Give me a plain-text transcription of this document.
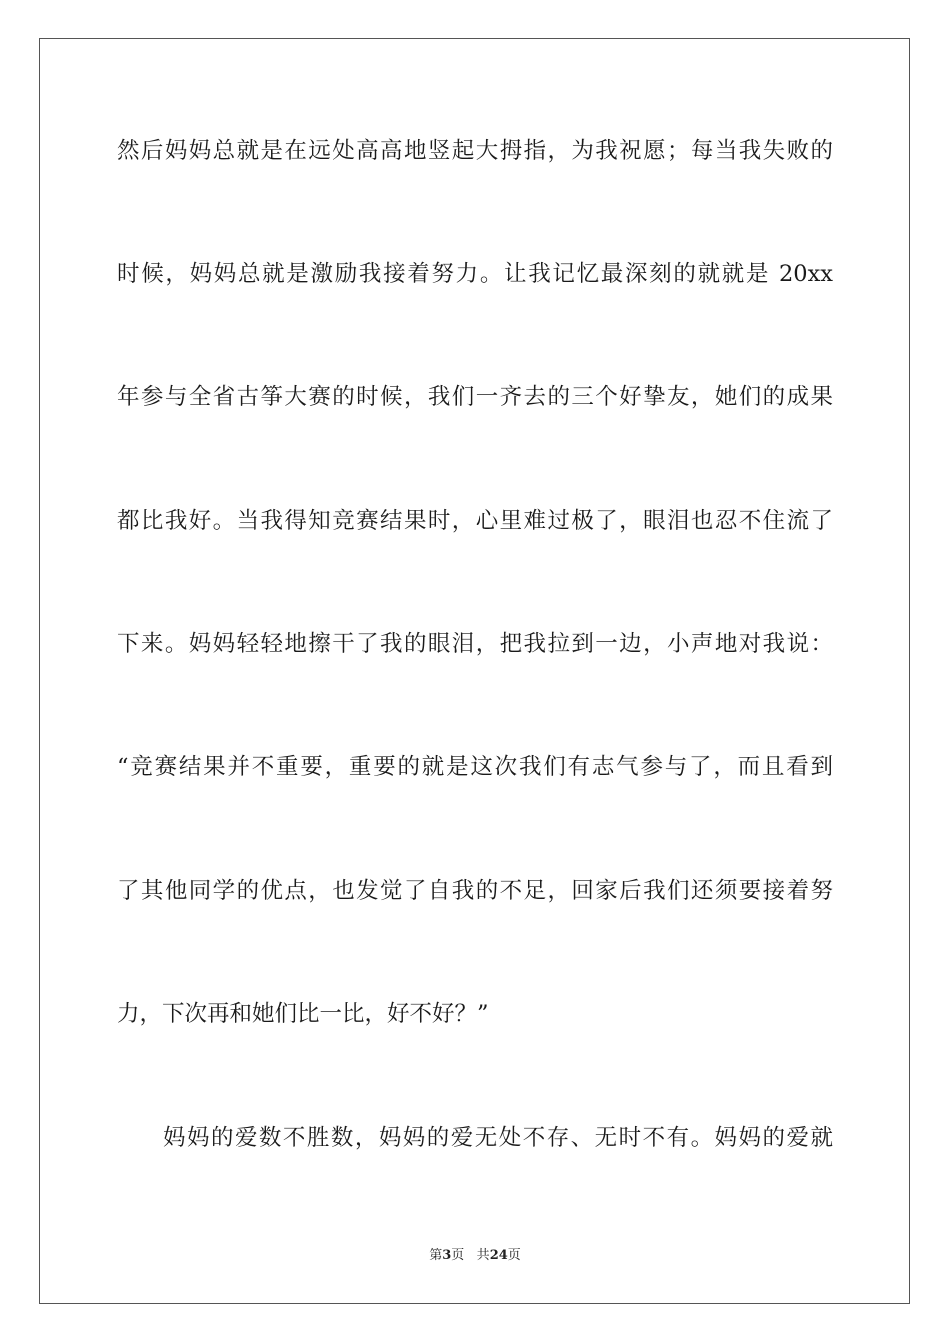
然后妈妈总就是在远处高高地竖起大拇指，为我祝愿；每当我失败的
时候，妈妈总就是激励我接着努力。让我记忆最深刻的就就是 20xx
年参与全省古筝大赛的时候，我们一齐去的三个好挚友，她们的成果
都比我好。当我得知竞赛结果时，心里难过极了，眼泪也忍不住流了
下来。妈妈轻轻地擦干了我的眼泪，把我拉到一边，小声地对我说：
“竞赛结果并不重要，重要的就是这次我们有志气参与了，而且看到
了其他同学的优点，也发觉了自我的不足，回家后我们还须要接着努
力，下次再和她们比一比，好不好？”
妈妈的爱数不胜数，妈妈的爱无处不存、无时不有。妈妈的爱就
第3页 共24页
